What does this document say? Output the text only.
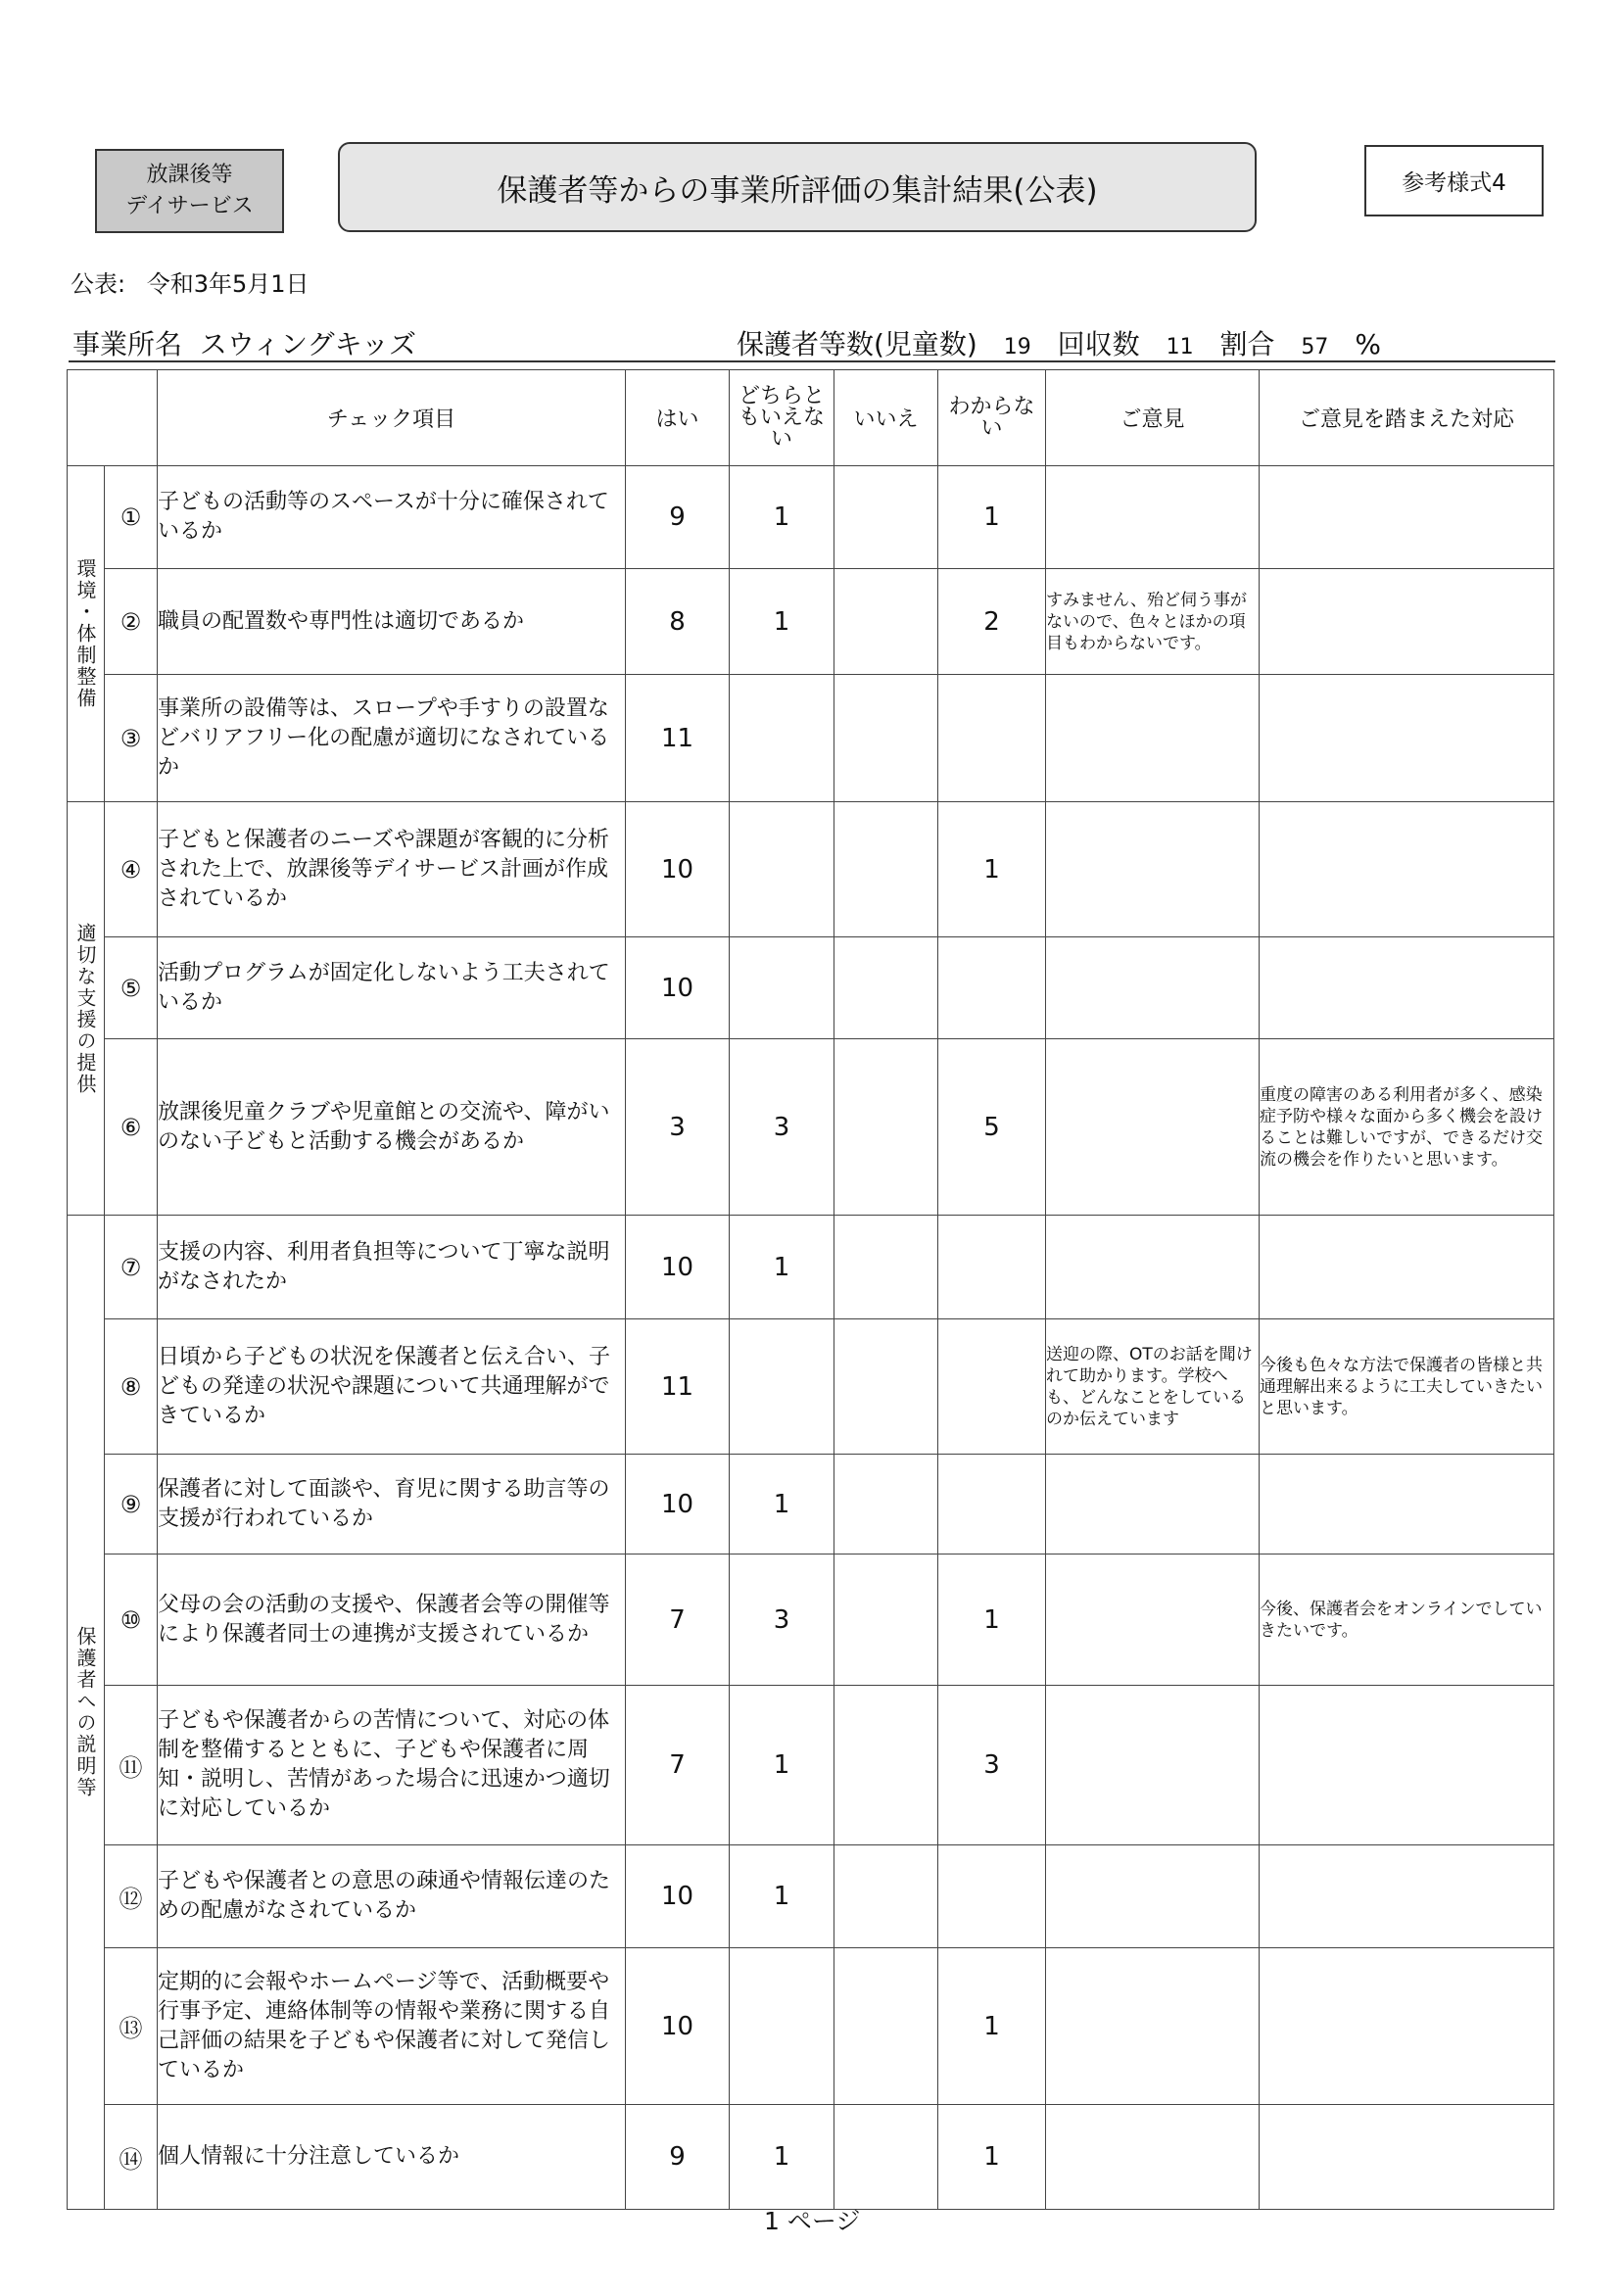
放課後等
デイサービス	保護者等からの事業所評価の集計結果(公表)	参考様式4
公表: 令和3年5月1日
事業所名 スウィングキッズ	保護者等数(児童数) 19 回収数 11 割合 57 %
		チェック項目	はい	どちらともいえない	いいえ	わからない	ご意見	ご意見を踏まえた対応
環境・体制整備	①	子どもの活動等のスペースが十分に確保されているか	9	1		1		
	②	職員の配置数や専門性は適切であるか	8	1		2	すみません、殆ど伺う事がないので、色々とほかの項目もわからないです。	
	③	事業所の設備等は、スロープや手すりの設置などバリアフリー化の配慮が適切になされているか	11					
適切な支援の提供	④	子どもと保護者のニーズや課題が客観的に分析された上で、放課後等デイサービス計画が作成されているか	10			1		
	⑤	活動プログラムが固定化しないよう工夫されているか	10					
	⑥	放課後児童クラブや児童館との交流や、障がいのない子どもと活動する機会があるか	3	3		5		重度の障害のある利用者が多く、感染症予防や様々な面から多く機会を設けることは難しいですが、できるだけ交流の機会を作りたいと思います。
保護者への説明等	⑦	支援の内容、利用者負担等について丁寧な説明がなされたか	10	1				
	⑧	日頃から子どもの状況を保護者と伝え合い、子どもの発達の状況や課題について共通理解ができているか	11				送迎の際、OTのお話を聞けれて助かります。学校へも、どんなことをしているのか伝えています	今後も色々な方法で保護者の皆様と共通理解出来るように工夫していきたいと思います。
	⑨	保護者に対して面談や、育児に関する助言等の支援が行われているか	10	1				
	⑩	父母の会の活動の支援や、保護者会等の開催等により保護者同士の連携が支援されているか	7	3		1		今後、保護者会をオンラインでしていきたいです。
	⑪	子どもや保護者からの苦情について、対応の体制を整備するとともに、子どもや保護者に周知・説明し、苦情があった場合に迅速かつ適切に対応しているか	7	1		3		
	⑫	子どもや保護者との意思の疎通や情報伝達のための配慮がなされているか	10	1				
	⑬	定期的に会報やホームページ等で、活動概要や行事予定、連絡体制等の情報や業務に関する自己評価の結果を子どもや保護者に対して発信しているか	10			1		
	⑭	個人情報に十分注意しているか	9	1		1		
1 ページ
